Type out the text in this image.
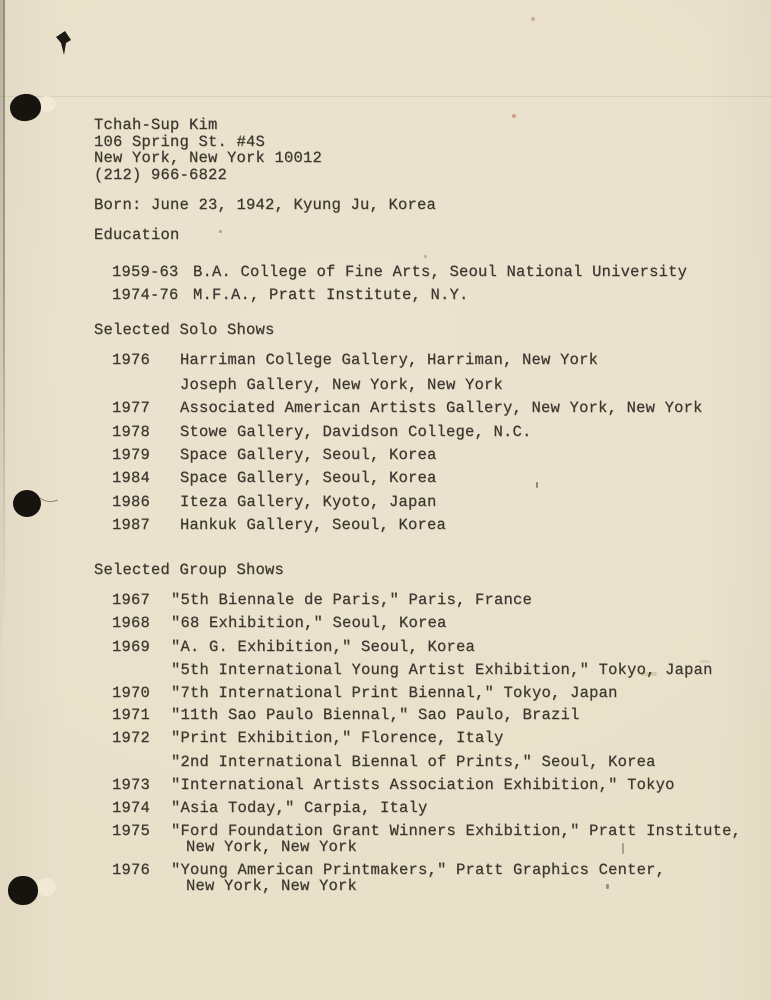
Tchah-Sup Kim
106 Spring St. #4S
New York, New York 10012
(212) 966-6822
Born: June 23, 1942, Kyung Ju, Korea
Education
1959-63 B.A. College of Fine Arts, Seoul National University
1974-76 M.F.A., Pratt Institute, N.Y.
Selected Solo Shows
1976 Harriman College Gallery, Harriman, New York
Joseph Gallery, New York, New York
1977 Associated American Artists Gallery, New York, New York
1978 Stowe Gallery, Davidson College, N.C.
1979 Space Gallery, Seoul, Korea
1984 Space Gallery, Seoul, Korea
1986 Iteza Gallery, Kyoto, Japan
1987 Hankuk Gallery, Seoul, Korea
Selected Group Shows
1967 "5th Biennale de Paris," Paris, France
1968 "68 Exhibition," Seoul, Korea
1969 "A. G. Exhibition," Seoul, Korea
"5th International Young Artist Exhibition," Tokyo, Japan
1970 "7th International Print Biennal," Tokyo, Japan
1971 "11th Sao Paulo Biennal," Sao Paulo, Brazil
1972 "Print Exhibition," Florence, Italy
"2nd International Biennal of Prints," Seoul, Korea
1973 "International Artists Association Exhibition," Tokyo
1974 "Asia Today," Carpia, Italy
1975 "Ford Foundation Grant Winners Exhibition," Pratt Institute,
New York, New York
1976 "Young American Printmakers," Pratt Graphics Center,
New York, New York
